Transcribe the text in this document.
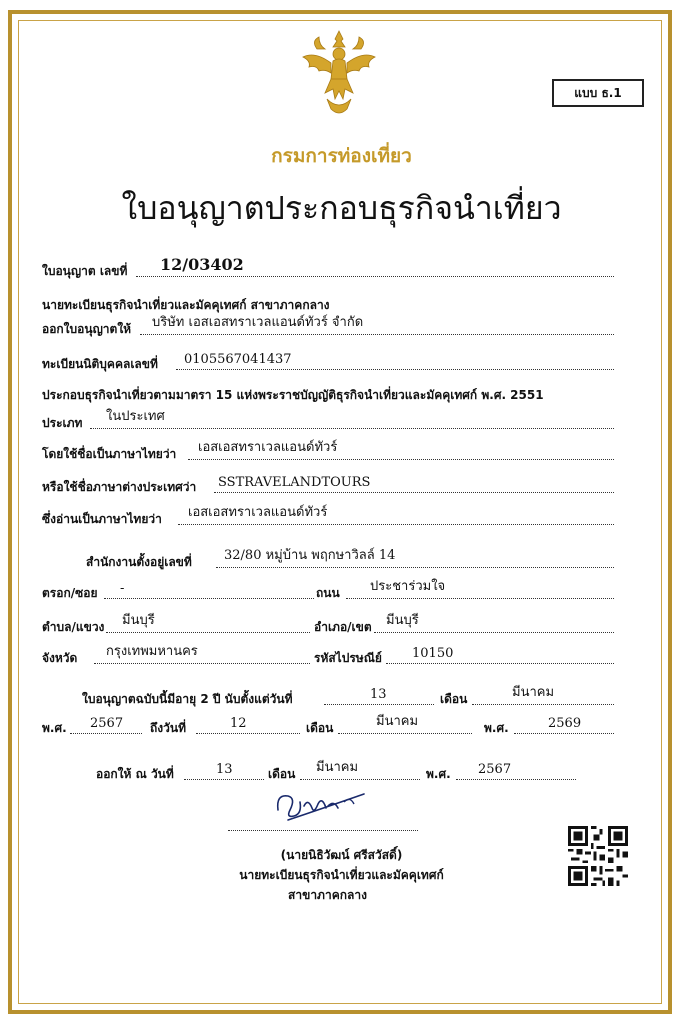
แบบ ธ.1
กรมการท่องเที่ยว
ใบอนุญาตประกอบธุรกิจนำเที่ยว
ใบอนุญาต เลขที่ 12/03402
นายทะเบียนธุรกิจนำเที่ยวและมัคคุเทศก์ สาขาภาคกลาง
ออกใบอนุญาตให้ บริษัท เอสเอสทราเวลแอนด์ทัวร์ จำกัด
ทะเบียนนิติบุคคลเลขที่ 0105567041437
ประกอบธุรกิจนำเที่ยวตามมาตรา 15 แห่งพระราชบัญญัติธุรกิจนำเที่ยวและมัคคุเทศก์ พ.ศ. 2551
ประเภท ในประเทศ
โดยใช้ชื่อเป็นภาษาไทยว่า เอสเอสทราเวลแอนด์ทัวร์
หรือใช้ชื่อภาษาต่างประเทศว่า SSTRAVELANDTOURS
ซึ่งอ่านเป็นภาษาไทยว่า เอสเอสทราเวลแอนด์ทัวร์
สำนักงานตั้งอยู่เลขที่ 32/80 หมู่บ้าน พฤกษาวิลล์ 14
ตรอก/ซอย -	ถนน ประชาร่วมใจ
ตำบล/แขวง มีนบุรี	อำเภอ/เขต มีนบุรี
จังหวัด กรุงเทพมหานคร	รหัสไปรษณีย์ 10150
ใบอนุญาตฉบับนี้มีอายุ 2 ปี นับตั้งแต่วันที่	13	เดือน	มีนาคม
พ.ศ. 2567 ถึงวันที่	12	เดือน	มีนาคม	พ.ศ.	2569
ออกให้ ณ วันที่	13	เดือน มีนาคม	พ.ศ. 2567
(นายนิธิวัฒน์ ศรีสวัสดิ์)
นายทะเบียนธุรกิจนำเที่ยวและมัคคุเทศก์
สาขาภาคกลาง
